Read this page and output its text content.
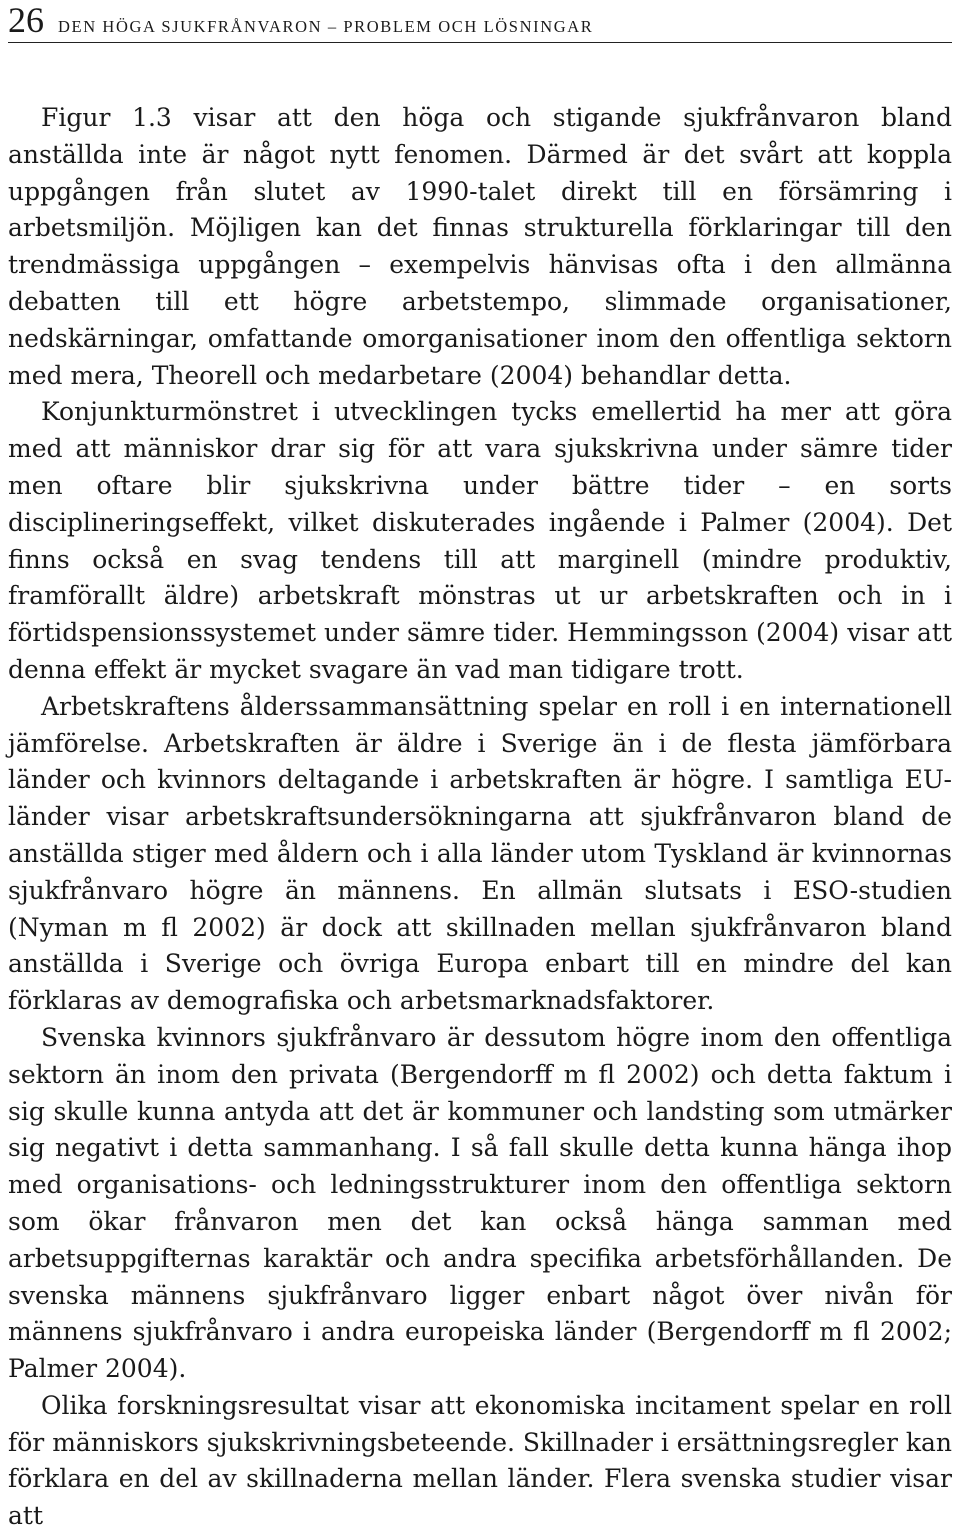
26 DEN HÖGA SJUKFRÅNVARON – PROBLEM OCH LÖSNINGAR

Figur 1.3 visar att den höga och stigande sjukfrånvaron bland anställda inte är något nytt fenomen. Därmed är det svårt att koppla uppgången från slutet av 1990-talet direkt till en försämring i arbetsmiljön. Möjligen kan det finnas strukturella förklaringar till den trendmässiga uppgången – exempelvis hänvisas ofta i den allmänna debatten till ett högre arbetstempo, slimmade organisationer, nedskärningar, omfattande omorganisationer inom den offentliga sektorn med mera, Theorell och medarbetare (2004) behandlar detta.

Konjunkturmönstret i utvecklingen tycks emellertid ha mer att göra med att människor drar sig för att vara sjukskrivna under sämre tider men oftare blir sjukskrivna under bättre tider – en sorts disciplineringseffekt, vilket diskuterades ingående i Palmer (2004). Det finns också en svag tendens till att marginell (mindre produktiv, framförallt äldre) arbetskraft mönstras ut ur arbetskraften och in i förtidspensionssystemet under sämre tider. Hemmingsson (2004) visar att denna effekt är mycket svagare än vad man tidigare trott.

Arbetskraftens ålderssammansättning spelar en roll i en internationell jämförelse. Arbetskraften är äldre i Sverige än i de flesta jämförbara länder och kvinnors deltagande i arbetskraften är högre. I samtliga EU-länder visar arbetskraftsundersökningarna att sjukfrånvaron bland de anställda stiger med åldern och i alla länder utom Tyskland är kvinnornas sjukfrånvaro högre än männens. En allmän slutsats i ESO-studien (Nyman m fl 2002) är dock att skillnaden mellan sjukfrånvaron bland anställda i Sverige och övriga Europa enbart till en mindre del kan förklaras av demografiska och arbetsmarknadsfaktorer.

Svenska kvinnors sjukfrånvaro är dessutom högre inom den offentliga sektorn än inom den privata (Bergendorff m fl 2002) och detta faktum i sig skulle kunna antyda att det är kommuner och landsting som utmärker sig negativt i detta sammanhang. I så fall skulle detta kunna hänga ihop med organisations- och ledningsstrukturer inom den offentliga sektorn som ökar frånvaron men det kan också hänga samman med arbetsuppgifternas karaktär och andra specifika arbetsförhållanden. De svenska männens sjukfrånvaro ligger enbart något över nivån för männens sjukfrånvaro i andra europeiska länder (Bergendorff m fl 2002; Palmer 2004).

Olika forskningsresultat visar att ekonomiska incitament spelar en roll för människors sjukskrivningsbeteende. Skillnader i ersättningsregler kan förklara en del av skillnaderna mellan länder. Flera svenska studier visar att
